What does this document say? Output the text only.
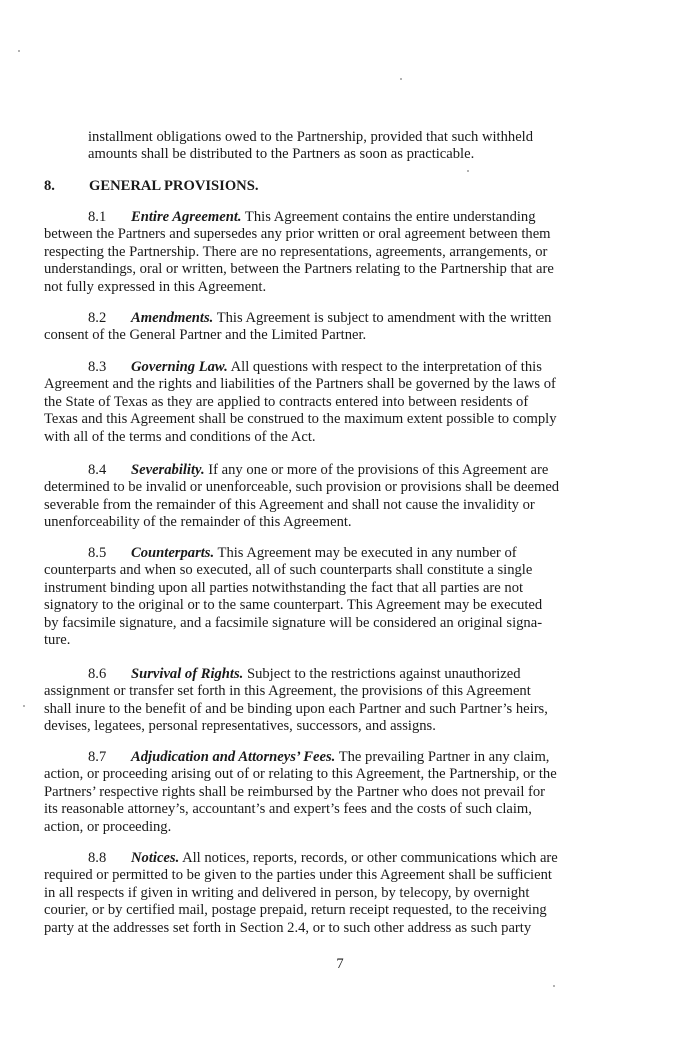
installment obligations owed to the Partnership, provided that such withheld
amounts shall be distributed to the Partners as soon as practicable.

8. GENERAL PROVISIONS.

8.1 Entire Agreement. This Agreement contains the entire understanding
between the Partners and supersedes any prior written or oral agreement between them
respecting the Partnership. There are no representations, agreements, arrangements, or
understandings, oral or written, between the Partners relating to the Partnership that are
not fully expressed in this Agreement.

8.2 Amendments. This Agreement is subject to amendment with the written
consent of the General Partner and the Limited Partner.

8.3 Governing Law. All questions with respect to the interpretation of this
Agreement and the rights and liabilities of the Partners shall be governed by the laws of
the State of Texas as they are applied to contracts entered into between residents of
Texas and this Agreement shall be construed to the maximum extent possible to comply
with all of the terms and conditions of the Act.

8.4 Severability. If any one or more of the provisions of this Agreement are
determined to be invalid or unenforceable, such provision or provisions shall be deemed
severable from the remainder of this Agreement and shall not cause the invalidity or
unenforceability of the remainder of this Agreement.

8.5 Counterparts. This Agreement may be executed in any number of
counterparts and when so executed, all of such counterparts shall constitute a single
instrument binding upon all parties notwithstanding the fact that all parties are not
signatory to the original or to the same counterpart. This Agreement may be executed
by facsimile signature, and a facsimile signature will be considered an original signa-
ture.

8.6 Survival of Rights. Subject to the restrictions against unauthorized
assignment or transfer set forth in this Agreement, the provisions of this Agreement
shall inure to the benefit of and be binding upon each Partner and such Partner’s heirs,
devises, legatees, personal representatives, successors, and assigns.

8.7 Adjudication and Attorneys’ Fees. The prevailing Partner in any claim,
action, or proceeding arising out of or relating to this Agreement, the Partnership, or the
Partners’ respective rights shall be reimbursed by the Partner who does not prevail for
its reasonable attorney’s, accountant’s and expert’s fees and the costs of such claim,
action, or proceeding.

8.8 Notices. All notices, reports, records, or other communications which are
required or permitted to be given to the parties under this Agreement shall be sufficient
in all respects if given in writing and delivered in person, by telecopy, by overnight
courier, or by certified mail, postage prepaid, return receipt requested, to the receiving
party at the addresses set forth in Section 2.4, or to such other address as such party

7
